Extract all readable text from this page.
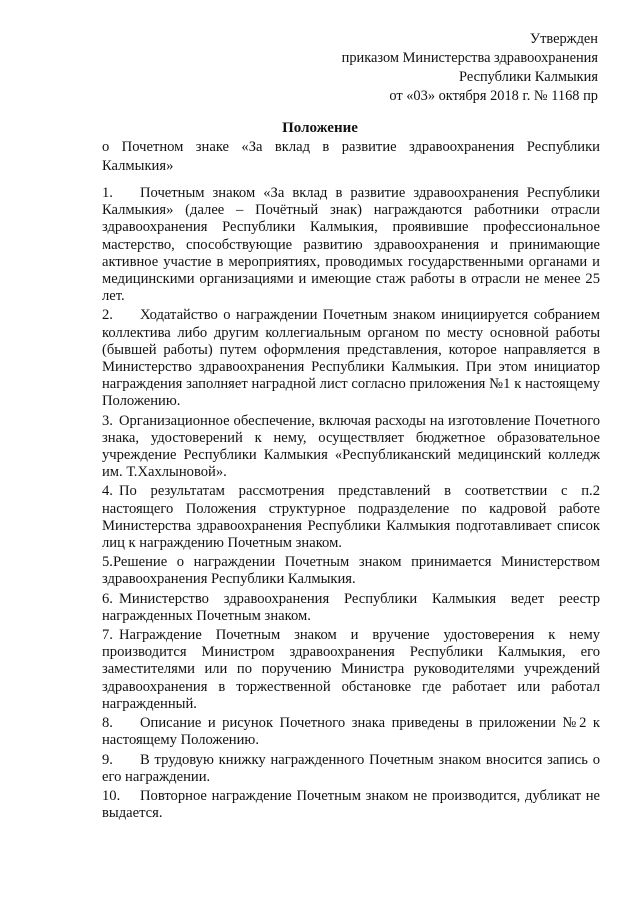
Утвержден
приказом Министерства здравоохранения
Республики Калмыкия
от «03» октября 2018 г. № 1168 пр
Положение
о Почетном знаке «За вклад в развитие здравоохранения Республики Калмыкия»

1. Почетным знаком «За вклад в развитие здравоохранения Республики Калмыкия» (далее – Почётный знак) награждаются работники отрасли здравоохранения Республики Калмыкия, проявившие профессиональное мастерство, способствующие развитию здравоохранения и принимающие активное участие в мероприятиях, проводимых государственными органами и медицинскими организациями и имеющие стаж работы в отрасли не менее 25 лет.

2. Ходатайство о награждении Почетным знаком инициируется собранием коллектива либо другим коллегиальным органом по месту основной работы (бывшей работы) путем оформления представления, которое направляется в Министерство здравоохранения Республики Калмыкия. При этом инициатор награждения заполняет наградной лист согласно приложения №1 к настоящему Положению.

3. Организационное обеспечение, включая расходы на изготовление Почетного знака, удостоверений к нему, осуществляет бюджетное образовательное учреждение Республики Калмыкия «Республиканский медицинский колледж им. Т.Хахлыновой».

4. По результатам рассмотрения представлений в соответствии с п.2 настоящего Положения структурное подразделение по кадровой работе Министерства здравоохранения Республики Калмыкия подготавливает список лиц к награждению Почетным знаком.

5.Решение о награждении Почетным знаком принимается Министерством здравоохранения Республики Калмыкия.

6. Министерство здравоохранения Республики Калмыкия ведет реестр награжденных Почетным знаком.

7. Награждение Почетным знаком и вручение удостоверения к нему производится Министром здравоохранения Республики Калмыкия, его заместителями или по поручению Министра руководителями учреждений здравоохранения в торжественной обстановке где работает или работал награжденный.

8. Описание и рисунок Почетного знака приведены в приложении №2 к настоящему Положению.

9. В трудовую книжку награжденного Почетным знаком вносится запись о его награждении.

10. Повторное награждение Почетным знаком не производится, дубликат не выдается.
